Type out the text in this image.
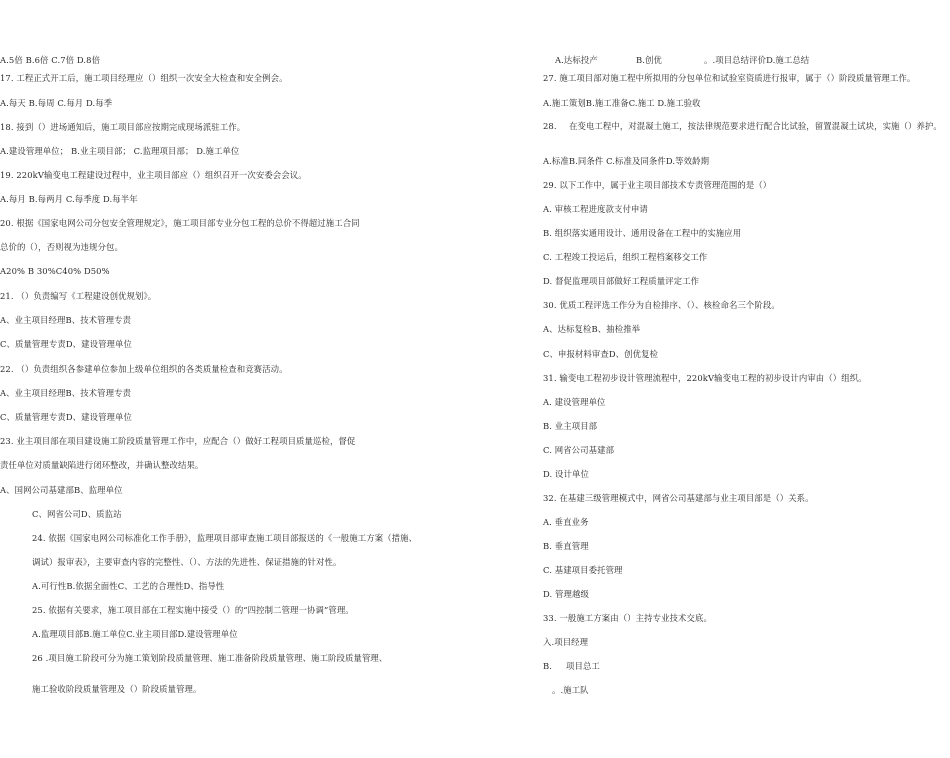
A.5倍 B.6倍 C.7倍 D.8倍
17. 工程正式开工后，施工项目经理应（）组织一次安全大检查和安全例会。
A.每天 B.每周 C.每月 D.每季
18. 接到（）进场通知后，施工项目部应按期完成现场派驻工作。
A.建设管理单位； B.业主项目部； C.监理项目部； D.施工单位
19. 220kV输变电工程建设过程中，业主项目部应（）组织召开一次安委会会议。
A.每月 B.每两月 C.每季度 D.每半年
20. 根据《国家电网公司分包安全管理规定》，施工项目部专业分包工程的总价不得超过施工合同
总价的（），否则视为违规分包。
A20% B 30%C40% D50%
21. （）负责编写《工程建设创优规划》。
A、业主项目经理B、技术管理专责
C、质量管理专责D、建设管理单位
22. （）负责组织各参建单位参加上级单位组织的各类质量检查和竞赛活动。
A、业主项目经理B、技术管理专责
C、质量管理专责D、建设管理单位
23. 业主项目部在项目建设施工阶段质量管理工作中，应配合（）做好工程项目质量巡检，督促
责任单位对质量缺陷进行闭环整改，并确认整改结果。
A、国网公司基建部B、监理单位
C、网省公司D、质监站
24. 依据《国家电网公司标准化工作手册》，监理项目部审查施工项目部报送的《一般施工方案（措施、
调试）报审表》，主要审查内容的完整性、（）、方法的先进性、保证措施的针对性。
A.可行性B.依据全面性C、工艺的合理性D、指导性
25. 依据有关要求，施工项目部在工程实施中接受（）的“四控制二管理一协调”管理。
A.监理项目部B.施工单位C.业主项目部D.建设管理单位
26 .项目施工阶段可分为施工策划阶段质量管理、施工准备阶段质量管理、施工阶段质量管理、
施工验收阶段质量管理及（）阶段质量管理。
A.达标投产	B.创优	。.项目总结评价D.施工总结
27. 施工项目部对施工程中所拟用的分包单位和试验室资质进行报审，属于（）阶段质量管理工作。
A.施工策划B.施工准备C.施工 D.施工验收
28.	在变电工程中，对混凝土施工，按法律规范要求进行配合比试验，留置混凝土试块，实施（）养护。
A.标准B.同条件 C.标准及同条件D.等效龄期
29. 以下工作中，属于业主项目部技术专责管理范围的是（）
A. 审核工程进度款支付申请
B. 组织落实通用设计、通用设备在工程中的实施应用
C. 工程竣工投运后，组织工程档案移交工作
D. 督促监理项目部做好工程质量评定工作
30. 优质工程评选工作分为自检排序、（）、核检命名三个阶段。
A、达标复检B、抽检推举
C、申报材料审查D、创优复检
31. 输变电工程初步设计管理流程中，220kV输变电工程的初步设计内审由（）组织。
A. 建设管理单位
B. 业主项目部
C. 网省公司基建部
D. 设计单位
32. 在基建三级管理模式中，网省公司基建部与业主项目部是（）关系。
A. 垂直业务
B. 垂直管理
C. 基建项目委托管理
D. 管理越级
33. 一般施工方案由（）主持专业技术交底。
入.项目经理
B. 项目总工
。.施工队
